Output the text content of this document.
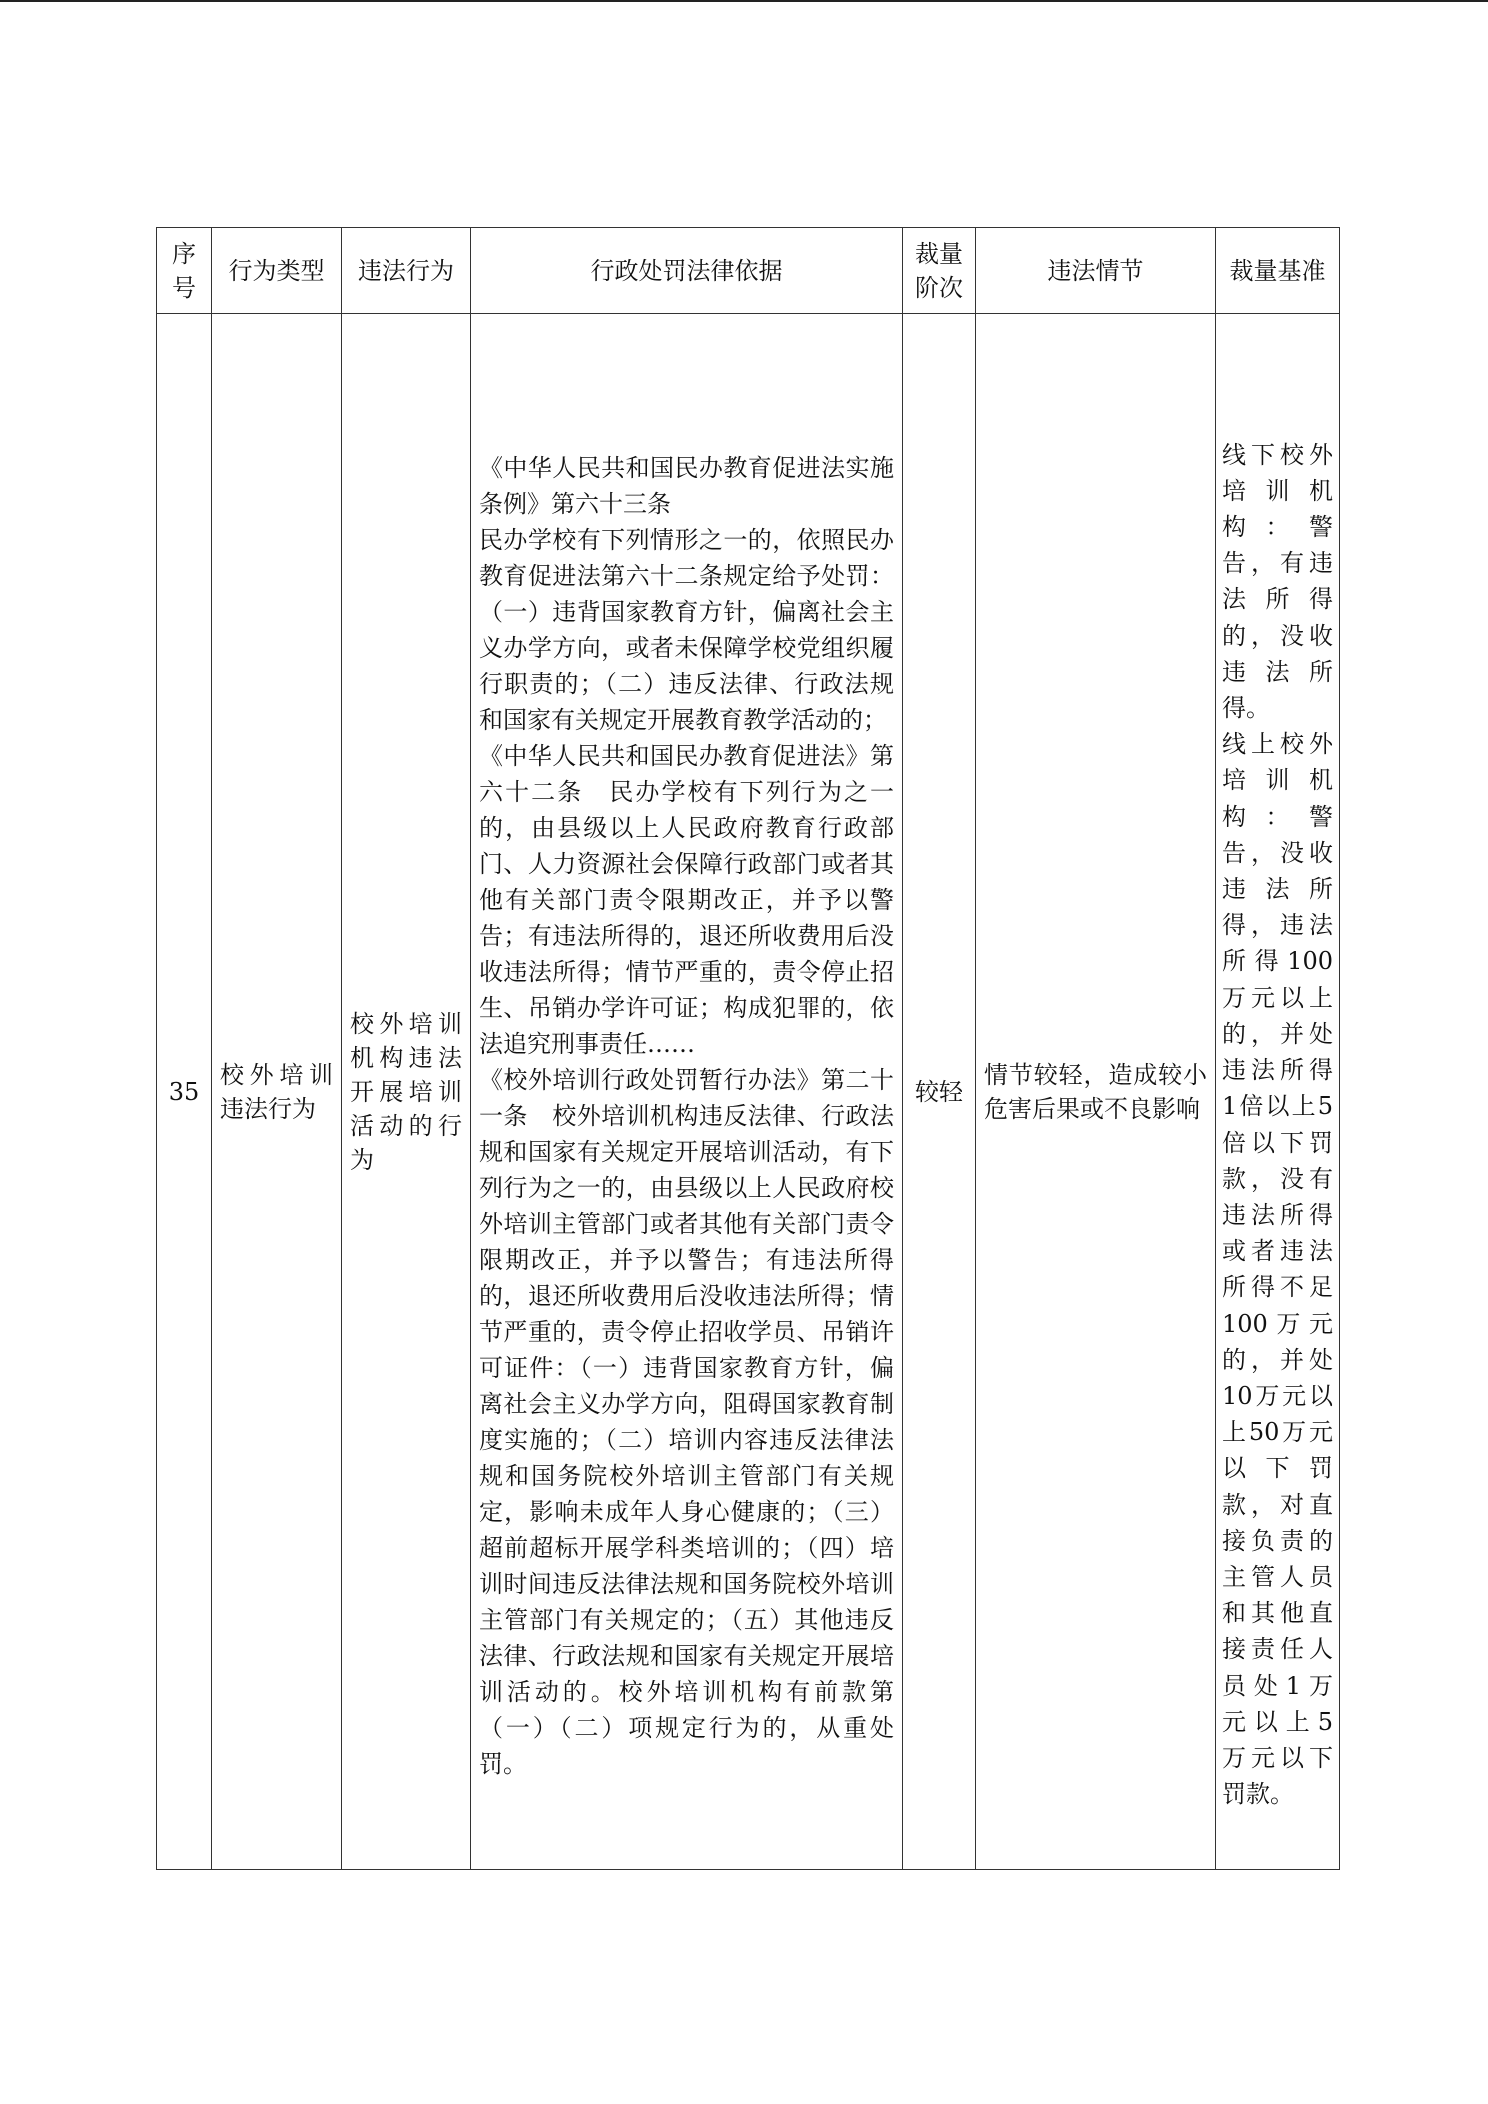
序号	行为类型	违法行为	行政处罚法律依据	裁量阶次	违法情节	裁量基准

35	校外培训违法行为	校外培训机构违法开展培训活动的行为	《中华人民共和国民办教育促进法实施条例》第六十三条
民办学校有下列情形之一的，依照民办教育促进法第六十二条规定给予处罚：（一）违背国家教育方针，偏离社会主义办学方向，或者未保障学校党组织履行职责的；（二）违反法律、行政法规和国家有关规定开展教育教学活动的；
《中华人民共和国民办教育促进法》第六十二条　民办学校有下列行为之一的，由县级以上人民政府教育行政部门、人力资源社会保障行政部门或者其他有关部门责令限期改正，并予以警告；有违法所得的，退还所收费用后没收违法所得；情节严重的，责令停止招生、吊销办学许可证；构成犯罪的，依法追究刑事责任……
《校外培训行政处罚暂行办法》第二十一条　校外培训机构违反法律、行政法规和国家有关规定开展培训活动，有下列行为之一的，由县级以上人民政府校外培训主管部门或者其他有关部门责令限期改正，并予以警告；有违法所得的，退还所收费用后没收违法所得；情节严重的，责令停止招收学员、吊销许可证件：（一）违背国家教育方针，偏离社会主义办学方向，阻碍国家教育制度实施的；（二）培训内容违反法律法规和国务院校外培训主管部门有关规定，影响未成年人身心健康的；（三）超前超标开展学科类培训的；（四）培训时间违反法律法规和国务院校外培训主管部门有关规定的；（五）其他违反法律、行政法规和国家有关规定开展培训活动的。校外培训机构有前款第（一）（二）项规定行为的，从重处罚。	较轻	情节较轻，造成较小危害后果或不良影响	线下校外培训机构：警告，有违法所得的，没收违法所得。
线上校外培训机构：警告，没收违法所得，违法所得100万元以上的，并处违法所得1倍以上5倍以下罚款，没有违法所得或者违法所得不足100万元的，并处10万元以上50万元以下罚款，对直接负责的主管人员和其他直接责任人员处1万元以上5万元以下罚款。
